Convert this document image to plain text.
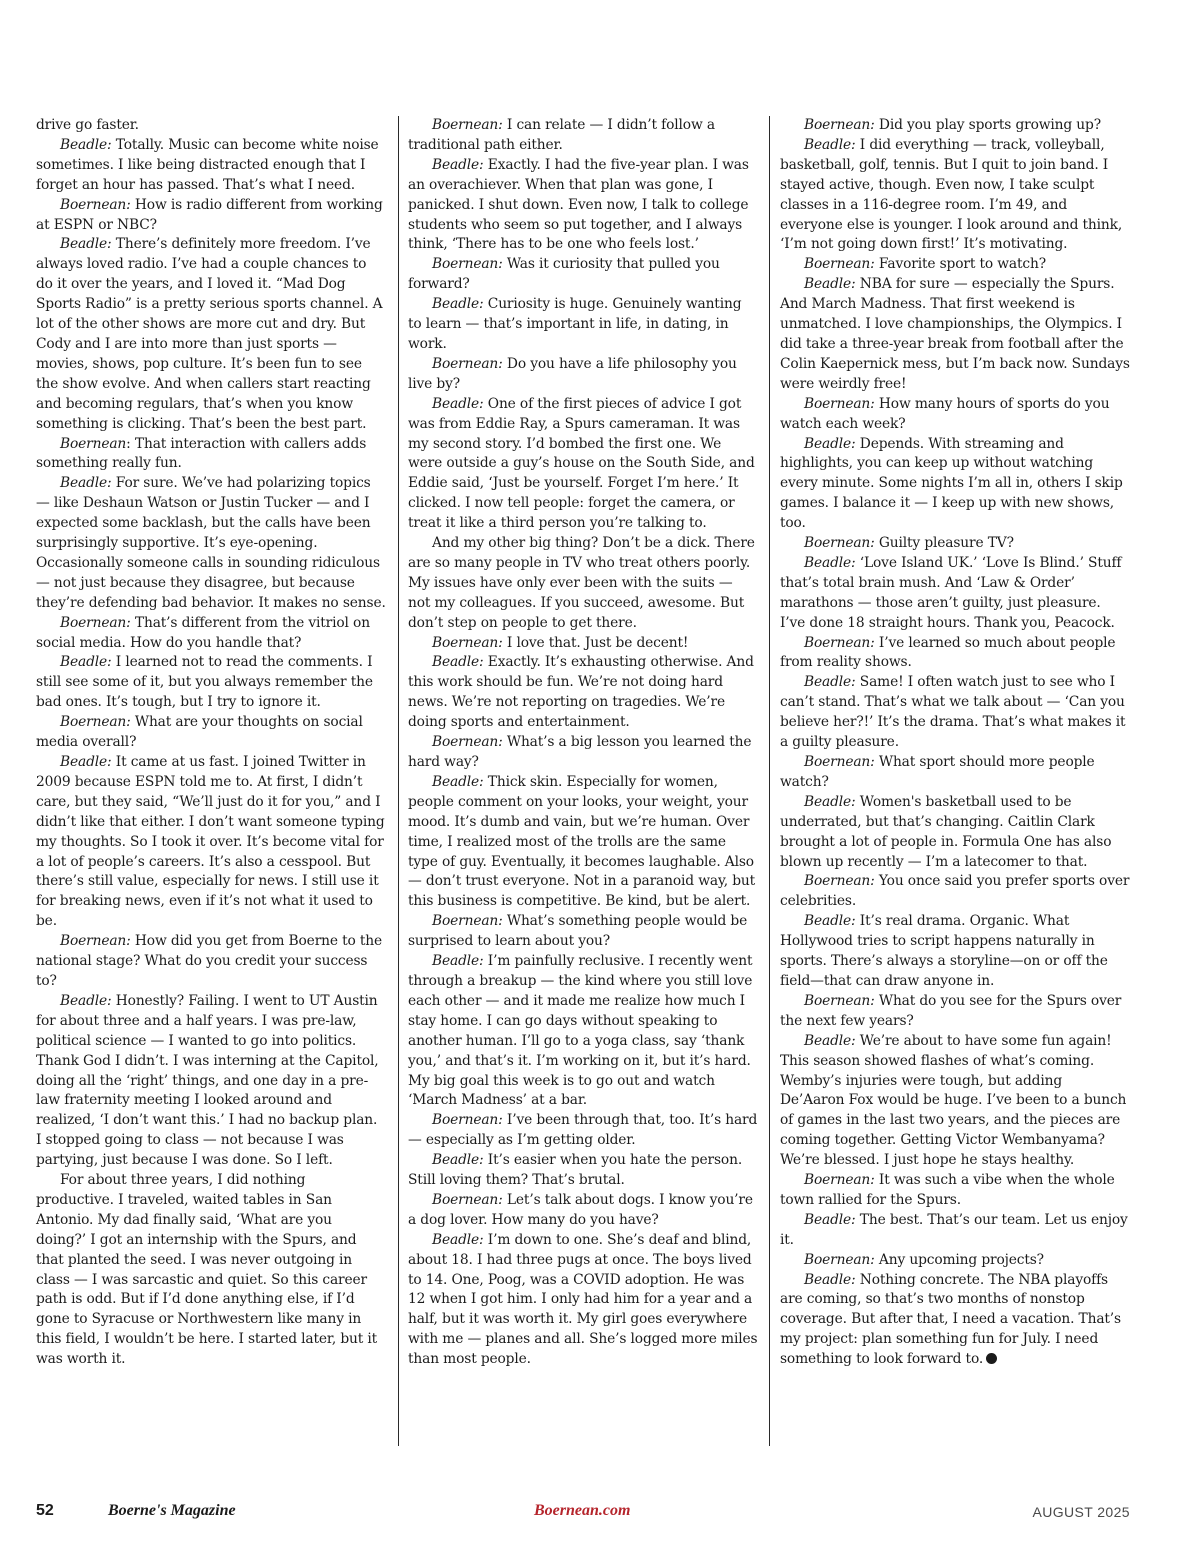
drive go faster.

Beadle: Totally. Music can become white noise sometimes. I like being distracted enough that I forget an hour has passed. That’s what I need.

Boernean: How is radio different from working at ESPN or NBC?

Beadle: There’s definitely more freedom. I’ve always loved radio. I’ve had a couple chances to do it over the years, and I loved it. “Mad Dog Sports Radio” is a pretty serious sports channel. A lot of the other shows are more cut and dry. But Cody and I are into more than just sports — movies, shows, pop culture. It’s been fun to see the show evolve. And when callers start reacting and becoming regulars, that’s when you know something is clicking. That’s been the best part.

Boernean: That interaction with callers adds something really fun.

Beadle: For sure. We’ve had polarizing topics — like Deshaun Watson or Justin Tucker — and I expected some backlash, but the calls have been surprisingly supportive. It’s eye-opening. Occasionally someone calls in sounding ridiculous — not just because they disagree, but because they’re defending bad behavior. It makes no sense.

Boernean: That’s different from the vitriol on social media. How do you handle that?

Beadle: I learned not to read the comments. I still see some of it, but you always remember the bad ones. It’s tough, but I try to ignore it.

Boernean: What are your thoughts on social media overall?

Beadle: It came at us fast. I joined Twitter in 2009 because ESPN told me to. At first, I didn’t care, but they said, “We’ll just do it for you,” and I didn’t like that either. I don’t want someone typing my thoughts. So I took it over. It’s become vital for a lot of people’s careers. It’s also a cesspool. But there’s still value, especially for news. I still use it for breaking news, even if it’s not what it used to be.

Boernean: How did you get from Boerne to the national stage? What do you credit your success to?

Beadle: Honestly? Failing. I went to UT Austin for about three and a half years. I was pre-law, political science — I wanted to go into politics. Thank God I didn’t. I was interning at the Capitol, doing all the ‘right’ things, and one day in a pre-law fraternity meeting I looked around and realized, ‘I don’t want this.’ I had no backup plan. I stopped going to class — not because I was partying, just because I was done. So I left.

For about three years, I did nothing productive. I traveled, waited tables in San Antonio. My dad finally said, ‘What are you doing?’ I got an internship with the Spurs, and that planted the seed. I was never outgoing in class — I was sarcastic and quiet. So this career path is odd. But if I’d done anything else, if I’d gone to Syracuse or Northwestern like many in this field, I wouldn’t be here. I started later, but it was worth it.

Boernean: I can relate — I didn’t follow a traditional path either.

Beadle: Exactly. I had the five-year plan. I was an overachiever. When that plan was gone, I panicked. I shut down. Even now, I talk to college students who seem so put together, and I always think, ‘There has to be one who feels lost.’

Boernean: Was it curiosity that pulled you forward?

Beadle: Curiosity is huge. Genuinely wanting to learn — that’s important in life, in dating, in work.

Boernean: Do you have a life philosophy you live by?

Beadle: One of the first pieces of advice I got was from Eddie Ray, a Spurs cameraman. It was my second story. I’d bombed the first one. We were outside a guy’s house on the South Side, and Eddie said, ‘Just be yourself. Forget I’m here.’ It clicked. I now tell people: forget the camera, or treat it like a third person you’re talking to.

And my other big thing? Don’t be a dick. There are so many people in TV who treat others poorly. My issues have only ever been with the suits — not my colleagues. If you succeed, awesome. But don’t step on people to get there.

Boernean: I love that. Just be decent!

Beadle: Exactly. It’s exhausting otherwise. And this work should be fun. We’re not doing hard news. We’re not reporting on tragedies. We’re doing sports and entertainment.

Boernean: What’s a big lesson you learned the hard way?

Beadle: Thick skin. Especially for women, people comment on your looks, your weight, your mood. It’s dumb and vain, but we’re human. Over time, I realized most of the trolls are the same type of guy. Eventually, it becomes laughable. Also — don’t trust everyone. Not in a paranoid way, but this business is competitive. Be kind, but be alert.

Boernean: What’s something people would be surprised to learn about you?

Beadle: I’m painfully reclusive. I recently went through a breakup — the kind where you still love each other — and it made me realize how much I stay home. I can go days without speaking to another human. I’ll go to a yoga class, say ‘thank you,’ and that’s it. I’m working on it, but it’s hard. My big goal this week is to go out and watch ‘March Madness’ at a bar.

Boernean: I’ve been through that, too. It’s hard — especially as I’m getting older.

Beadle: It’s easier when you hate the person. Still loving them? That’s brutal.

Boernean: Let’s talk about dogs. I know you’re a dog lover. How many do you have?

Beadle: I’m down to one. She’s deaf and blind, about 18. I had three pugs at once. The boys lived to 14. One, Poog, was a COVID adoption. He was 12 when I got him. I only had him for a year and a half, but it was worth it. My girl goes everywhere with me — planes and all. She’s logged more miles than most people.

Boernean: Did you play sports growing up?

Beadle: I did everything — track, volleyball, basketball, golf, tennis. But I quit to join band. I stayed active, though. Even now, I take sculpt classes in a 116-degree room. I’m 49, and everyone else is younger. I look around and think, ‘I’m not going down first!’ It’s motivating.

Boernean: Favorite sport to watch?

Beadle: NBA for sure — especially the Spurs. And March Madness. That first weekend is unmatched. I love championships, the Olympics. I did take a three-year break from football after the Colin Kaepernick mess, but I’m back now. Sundays were weirdly free!

Boernean: How many hours of sports do you watch each week?

Beadle: Depends. With streaming and highlights, you can keep up without watching every minute. Some nights I’m all in, others I skip games. I balance it — I keep up with new shows, too.

Boernean: Guilty pleasure TV?

Beadle: ‘Love Island UK.’ ‘Love Is Blind.’ Stuff that’s total brain mush. And ‘Law & Order’ marathons — those aren’t guilty, just pleasure. I’ve done 18 straight hours. Thank you, Peacock.

Boernean: I’ve learned so much about people from reality shows.

Beadle: Same! I often watch just to see who I can’t stand. That’s what we talk about — ‘Can you believe her?!’ It’s the drama. That’s what makes it a guilty pleasure.

Boernean: What sport should more people watch?

Beadle: Women's basketball used to be underrated, but that’s changing. Caitlin Clark brought a lot of people in. Formula One has also blown up recently — I’m a latecomer to that.

Boernean: You once said you prefer sports over celebrities.

Beadle: It’s real drama. Organic. What Hollywood tries to script happens naturally in sports. There’s always a storyline—on or off the field—that can draw anyone in.

Boernean: What do you see for the Spurs over the next few years?

Beadle: We’re about to have some fun again! This season showed flashes of what’s coming. Wemby’s injuries were tough, but adding De’Aaron Fox would be huge. I’ve been to a bunch of games in the last two years, and the pieces are coming together. Getting Victor Wembanyama? We’re blessed. I just hope he stays healthy.

Boernean: It was such a vibe when the whole town rallied for the Spurs.

Beadle: The best. That’s our team. Let us enjoy it.

Boernean: Any upcoming projects?

Beadle: Nothing concrete. The NBA playoffs are coming, so that’s two months of nonstop coverage. But after that, I need a vacation. That’s my project: plan something fun for July. I need something to look forward to.

52	Boerne's Magazine	Boernean.com	AUGUST 2025
